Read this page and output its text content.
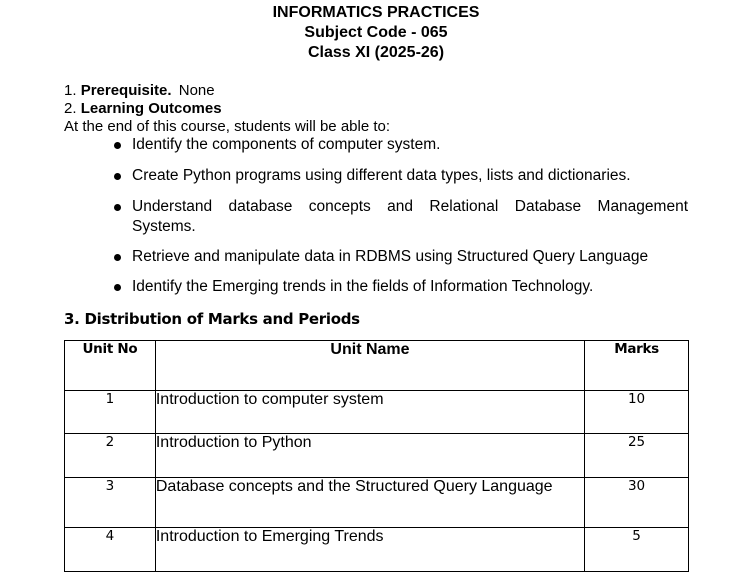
INFORMATICS PRACTICES
Subject Code - 065
Class XI (2025-26)
1. Prerequisite. None
2. Learning Outcomes
At the end of this course, students will be able to:
Identify the components of computer system.
Create Python programs using different data types, lists and dictionaries.
Understand database concepts and Relational Database Management
Systems.
Retrieve and manipulate data in RDBMS using Structured Query Language
Identify the Emerging trends in the fields of Information Technology.
3. Distribution of Marks and Periods
Unit No	Unit Name	Marks
1	Introduction to computer system	10
2	Introduction to Python	25
3	Database concepts and the Structured Query Language	30
4	Introduction to Emerging Trends	5
